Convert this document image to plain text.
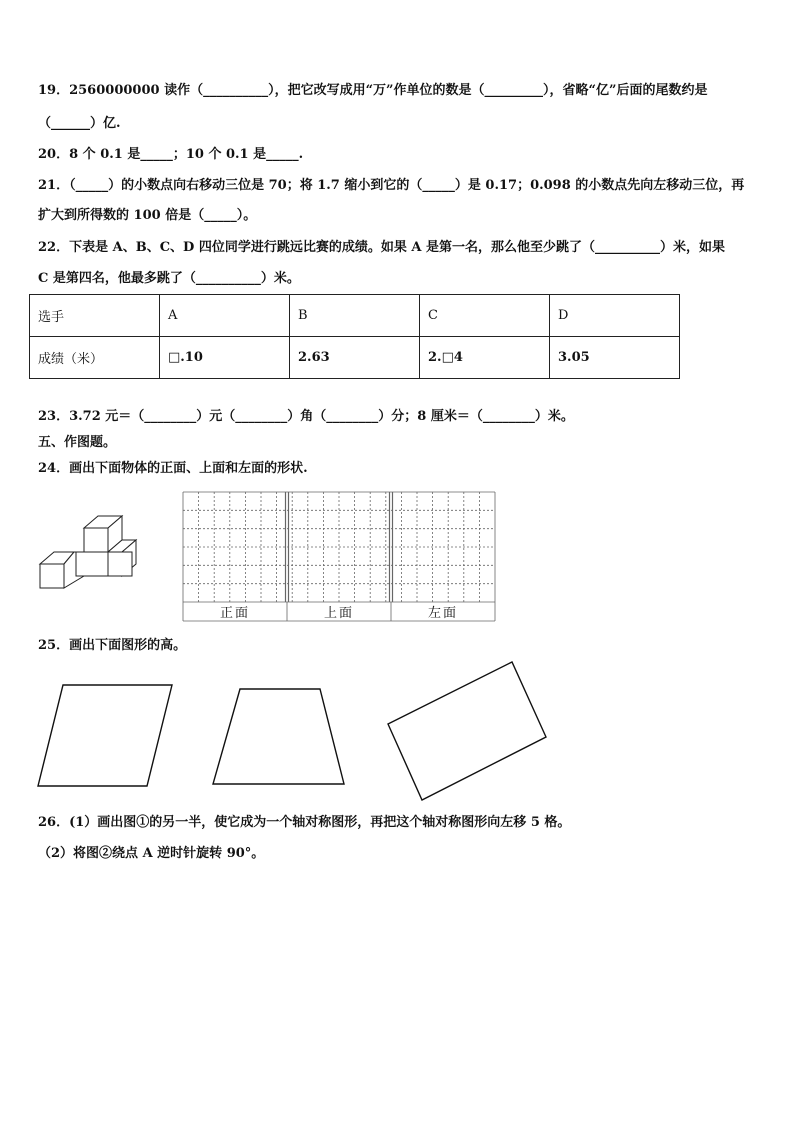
19．2560000000 读作（__________），把它改写成用“万”作单位的数是（_________），省略“亿”后面的尾数约是
（______）亿.
20．8 个 0.1 是_____；10 个 0.1 是_____.
21．（_____）的小数点向右移动三位是 70；将 1.7 缩小到它的（_____）是 0.17；0.098 的小数点先向左移动三位，再
扩大到所得数的 100 倍是（_____）。
22．下表是 A、B、C、D 四位同学进行跳远比赛的成绩。如果 A 是第一名，那么他至少跳了（__________）米，如果
C 是第四名，他最多跳了（__________）米。
选手	A	B	C	D
成绩（米）	□.10	2.63	2.□4	3.05
23．3.72 元＝（________）元（________）角（________）分；8 厘米＝（________）米。
五、作图题。
24．画出下面物体的正面、上面和左面的形状.
正面	上面	左面
25．画出下面图形的高。
26．(1）画出图①的另一半，使它成为一个轴对称图形，再把这个轴对称图形向左移 5 格。
（2）将图②绕点 A 逆时针旋转 90°。
